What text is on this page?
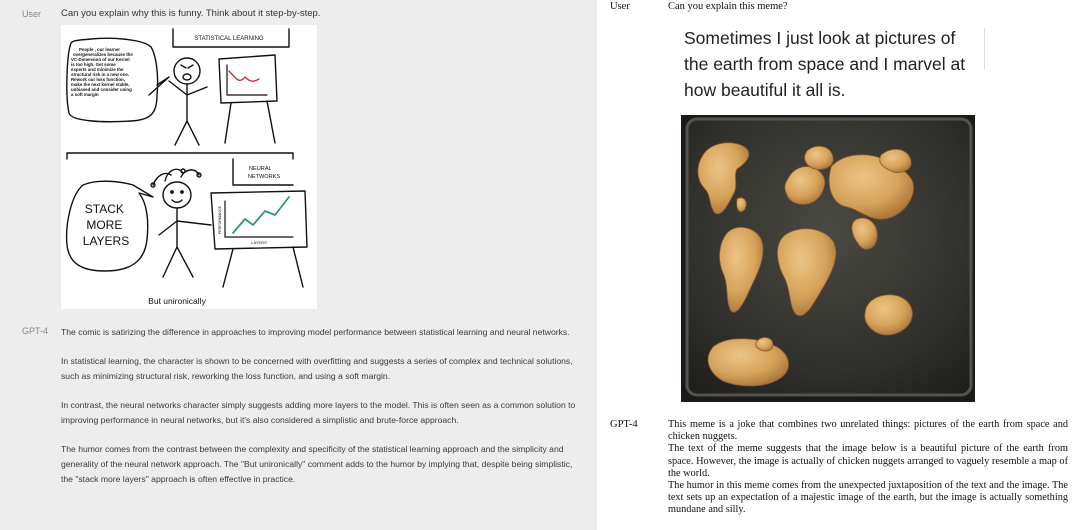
User Can you explain why this is funny. Think about it step-by-step.
STATISTICAL LEARNING
People , our learner overgeneralizes because the VC-Dimension of our Kernel is too high. Get some experts and minimize the structural risk in a new one. Rework our loss function, make the next kernel stable, unbiased and consider using a soft margin
NEURAL NETWORKS
STACK MORE LAYERS	LAYERS
PERFORMANCE
But unironically
GPT-4 The comic is satirizing the difference in approaches to improving model performance between statistical learning and neural networks.

In statistical learning, the character is shown to be concerned with overfitting and suggests a series of complex and technical solutions, such as minimizing structural risk, reworking the loss function, and using a soft margin.

In contrast, the neural networks character simply suggests adding more layers to the model. This is often seen as a common solution to improving performance in neural networks, but it's also considered a simplistic and brute-force approach.

The humor comes from the contrast between the complexity and specificity of the statistical learning approach and the simplicity and generality of the neural network approach. The "But unironically" comment adds to the humor by implying that, despite being simplistic, the "stack more layers" approach is often effective in practice.

User	Can you explain this meme?
Sometimes I just look at pictures of the earth from space and I marvel at how beautiful it all is.
GPT-4	This meme is a joke that combines two unrelated things: pictures of the earth from space and chicken nuggets.

The text of the meme suggests that the image below is a beautiful picture of the earth from space. However, the image is actually of chicken nuggets arranged to vaguely resemble a map of the world.

The humor in this meme comes from the unexpected juxtaposition of the text and the image. The text sets up an expectation of a majestic image of the earth, but the image is actually something mundane and silly.
